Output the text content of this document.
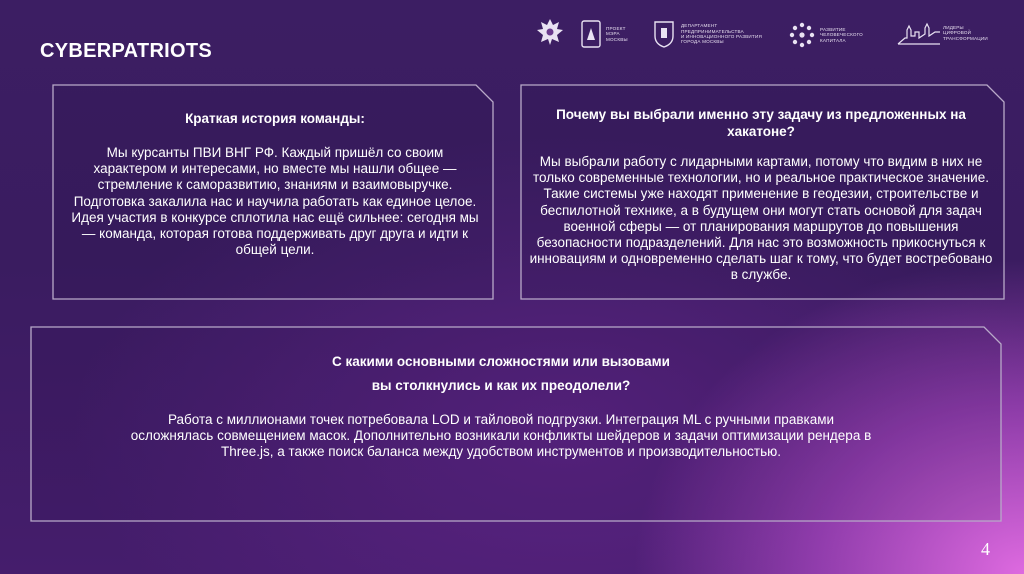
CYBERPATRIOTS
ПРОЕКТ
МЭРА
МОСКВЫ
ДЕПАРТАМЕНТ
ПРЕДПРИНИМАТЕЛЬСТВА
И ИННОВАЦИОННОГО РАЗВИТИЯ
ГОРОДА МОСКВЫ
РАЗВИТИЕ
ЧЕЛОВЕЧЕСКОГО
КАПИТАЛА
ЛИДЕРЫ
ЦИФРОВОЙ
ТРАНСФОРМАЦИИ
Краткая история команды:
Мы курсанты ПВИ ВНГ РФ. Каждый пришёл со своим характером и интересами, но вместе мы нашли общее — стремление к саморазвитию, знаниям и взаимовыручке. Подготовка закалила нас и научила работать как единое целое. Идея участия в конкурсе сплотила нас ещё сильнее: сегодня мы — команда, которая готова поддерживать друг друга и идти к общей цели.
Почему вы выбрали именно эту задачу из предложенных на хакатоне?
Мы выбрали работу с лидарными картами, потому что видим в них не только современные технологии, но и реальное практическое значение. Такие системы уже находят применение в геодезии, строительстве и беспилотной технике, а в будущем они могут стать основой для задач военной сферы — от планирования маршрутов до повышения безопасности подразделений. Для нас это возможность прикоснуться к инновациям и одновременно сделать шаг к тому, что будет востребовано в службе.
С какими основными сложностями или вызовами
вы столкнулись и как их преодолели?
Работа с миллионами точек потребовала LOD и тайловой подгрузки. Интеграция ML с ручными правками осложнялась совмещением масок. Дополнительно возникали конфликты шейдеров и задачи оптимизации рендера в Three.js, а также поиск баланса между удобством инструментов и производительностью.
4
